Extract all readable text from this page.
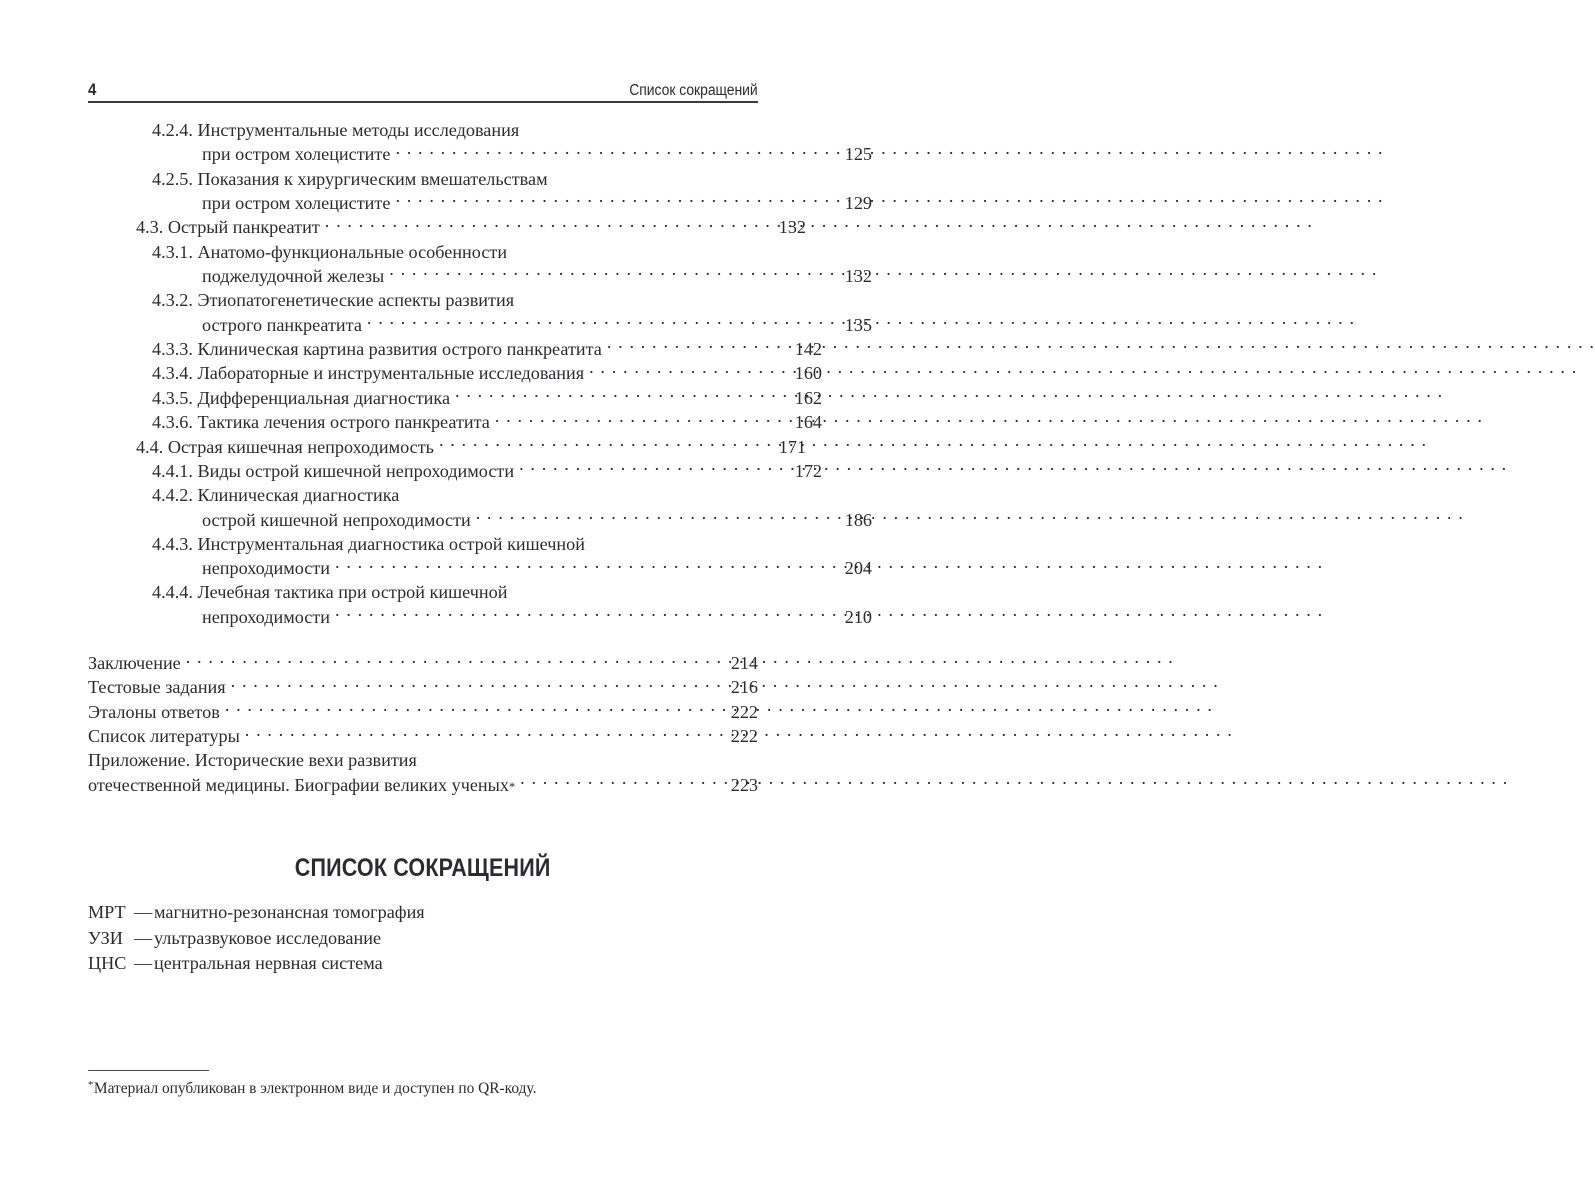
4	Список сокращений
4.2.4. Инструментальные методы исследования
при остром холецистите . . .	125
4.2.5. Показания к хирургическим вмешательствам
при остром холецистите . . .	129
4.3. Острый панкреатит . . .	132
4.3.1. Анатомо-функциональные особенности
поджелудочной железы . . .	132
4.3.2. Этиопатогенетические аспекты развития
острого панкреатита . . .	135
4.3.3. Клиническая картина развития острого панкреатита . . .	142
4.3.4. Лабораторные и инструментальные исследования . . .	160
4.3.5. Дифференциальная диагностика . . .	162
4.3.6. Тактика лечения острого панкреатита . . .	164
4.4. Острая кишечная непроходимость . . .	171
4.4.1. Виды острой кишечной непроходимости . . .	172
4.4.2. Клиническая диагностика
острой кишечной непроходимости . . .	186
4.4.3. Инструментальная диагностика острой кишечной
непроходимости . . .	204
4.4.4. Лечебная тактика при острой кишечной
непроходимости . . .	210
Заключение . . .	214
Тестовые задания . . .	216
Эталоны ответов . . .	222
Список литературы . . .	222
Приложение. Исторические вехи развития
отечественной медицины. Биографии великих ученых * . . .	223
СПИСОК СОКРАЩЕНИЙ
МРТ — магнитно-резонансная томография
УЗИ — ультразвуковое исследование
ЦНС — центральная нервная система
*Материал опубликован в электронном виде и доступен по QR-коду.
